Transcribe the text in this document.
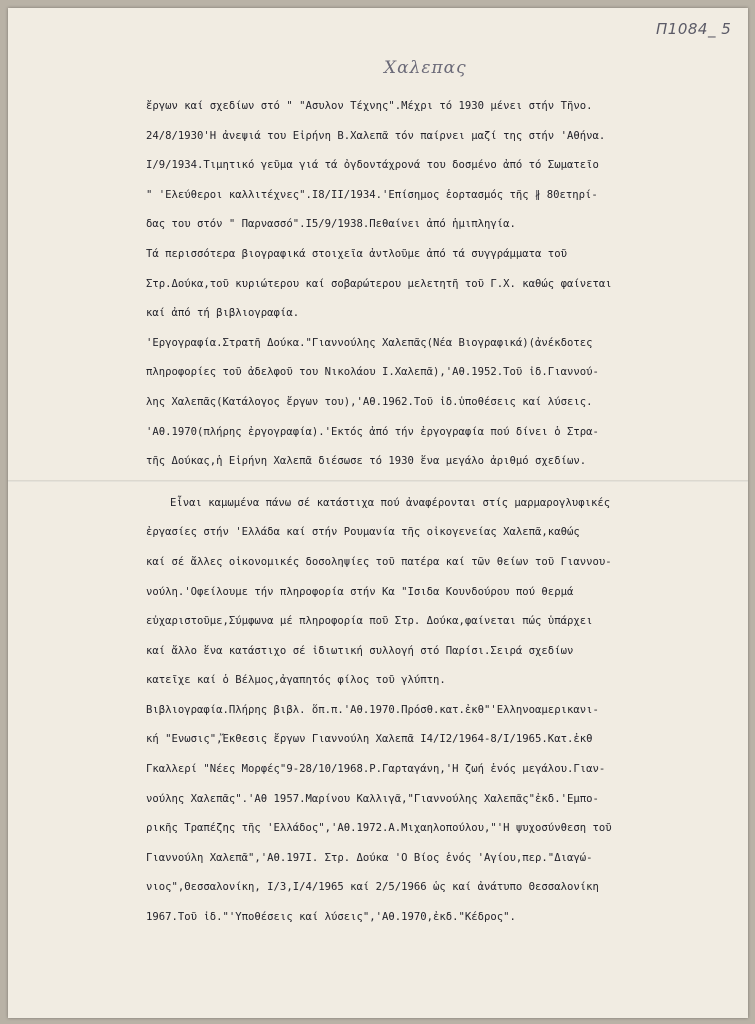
Π1084_ 5
Χαλεπας
ἔργων καί σχεδίων στό " "Ασυλον Τέχνης".Μέχρι τό 1930 μένει στήν Τῆνο.
24/8/1930'Η ἀνεψιά του Εἰρήνη Β.Χαλεπᾶ τόν παίρνει μαζί της στήν 'Αθήνα.
Ι/9/1934.Τιμητικό γεῦμα γιά τά ὀγδοντάχρονά του δοσμένο ἀπό τό Σωματεῖο
" 'Ελεύθεροι καλλιτέχνες".Ι8/ΙΙ/1934.'Επίσημος ἑορτασμός τῆς ∦ 80ετηρί-
δας του στόν " Παρνασσό".Ι5/9/1938.Πεθαίνει ἀπό ἡμιπληγία.
Τά περισσότερα βιογραφικά στοιχεῖα ἀντλοῦμε ἀπό τά συγγράμματα τοῦ
Στρ.Δούκα,τοῦ κυριώτερου καί σοβαρώτερου μελετητῆ τοῦ Γ.Χ. καθώς φαίνεται
καί ἀπό τή βιβλιογραφία.
'Εργογραφία.Στρατῆ Δούκα."Γιαννούλης Χαλεπᾶς(Νέα Βιογραφικά)(ἀνέκδοτες
πληροφορίες τοῦ ἀδελφοῦ του Νικολάου Ι.Χαλεπᾶ),'Αθ.1952.Τοῦ ἰδ.Γιαννού-
λης Χαλεπᾶς(Κατάλογος ἔργων του),'Αθ.1962.Τοῦ ἰδ.ὑποθέσεις καί λύσεις.
'Αθ.1970(πλήρης ἐργογραφία).'Εκτός ἀπό τήν ἐργογραφία πού δίνει ὁ Στρα-
τῆς Δούκας,ἡ Εἰρήνη Χαλεπᾶ διέσωσε τό 1930 ἕνα μεγάλο ἀριθμό σχεδίων.
Εἶναι καμωμένα πάνω σέ κατάστιχα πού ἀναφέρονται στίς μαρμαρογλυφικές
ἐργασίες στήν 'Ελλάδα καί στήν Ρουμανία τῆς οἰκογενείας Χαλεπᾶ,καθώς
καί σέ ἄλλες οἰκονομικές δοσοληψίες τοῦ πατέρα καί τῶν θείων τοῦ Γιαννου-
νούλη.'Οφείλουμε τήν πληροφορία στήν Κα "Ισιδα Κουνδούρου πού θερμά
εὐχαριστοῦμε,Σύμφωνα μέ πληροφορία ποῦ Στρ. Δούκα,φαίνεται πώς ὑπάρχει
καί ἄλλο ἕνα κατάστιχο σέ ἰδιωτική συλλογή στό Παρίσι.Σειρά σχεδίων
κατεῖχε καί ὁ Βέλμος,ἀγαπητός φίλος τοῦ γλύπτη.
Βιβλιογραφία.Πλήρης βιβλ. ὅπ.π.'Αθ.1970.Πρόσθ.κατ.ἐκθ"'Ελληνοαμερικανι-
κή "Ενωσις",Ἔκθεσις ἔργων Γιαννούλη Χαλεπᾶ Ι4/Ι2/1964-8/Ι/1965.Κατ.ἐκθ
Γκαλλερί "Νέες Μορφές"9-28/10/1968.Ρ.Γαρταγάνη,'Η ζωή ἑνός μεγάλου.Γιαν-
νούλης Χαλεπᾶς".'Αθ 1957.Μαρίνου Καλλιγᾶ,"Γιαννούλης Χαλεπᾶς"ἐκδ.'Εμπο-
ρικῆς Τραπέζης τῆς 'Ελλάδος",'Αθ.1972.Α.Μιχαηλοπούλου,"'Η ψυχοσύνθεση τοῦ
Γιαννούλη Χαλεπᾶ",'Αθ.197Ι. Στρ. Δούκα 'Ο Βίος ἑνός 'Αγίου,περ."Διαγώ-
νιος",Θεσσαλονίκη, Ι/3,Ι/4/1965 καί 2/5/1966 ὡς καί ἀνάτυπο Θεσσαλονίκη
1967.Τοῦ ἰδ."'Υποθέσεις καί λύσεις",'Αθ.1970,ἐκδ."Κέδρος".
